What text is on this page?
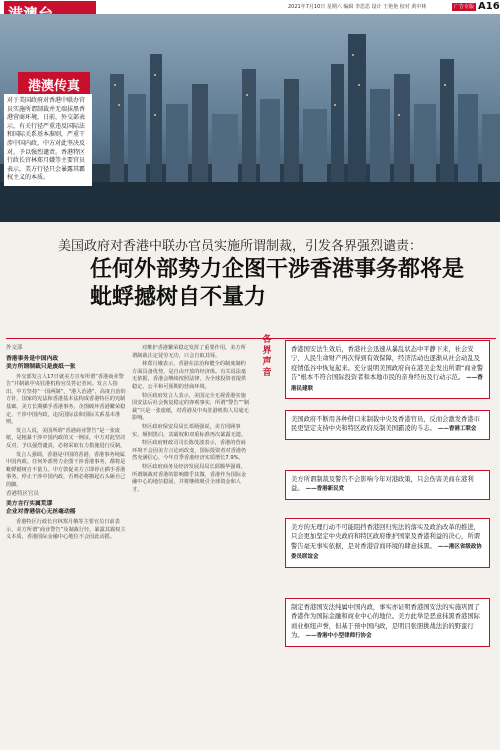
2021年7月10日 星期六 编辑 李思思 设计 王艳艳 校对 黄中林	广告专版 A16
港澳传真
对于美国政府对香港中联办官员实施所谓制裁并无端抹黑香港营商环境，日前，外交部表示，有关行径严重违反国际法和国际关系基本准则，严重干涉中国内政，中方对此坚决反对，予以强烈谴责。香港特区行政长官林郑月娥等主要官员表示，美方行径只会暴露其霸权主义的本质。
美国政府对香港中联办官员实施所谓制裁，引发各界强烈谴责：
任何外部势力企图干涉香港事务都将是蚍蜉撼树自不量力
外交部
香港事务是中国内政
美方所谓制裁只是废纸一张

外交部发言人17日就美方宣布所谓“香港商业警告”并制裁中央驻港机构官员答记者问。发言人指出，中方坚持“一国两制”，“港人治港”，高度自治的方针，国家的宪法和香港基本法构成香港特区的宪制基础。美方长期插手香港事务，企图破坏香港繁荣稳定，干涉中国内政，违反国际法和国际关系基本准则。

发言人说，美国所谓“香港商业警告”是一张废纸，是粗暴干涉中国内政的又一例证，中方对此坚决反对，予以强烈谴责，必将采取有力措施进行反制。

发言人强调，香港是中国的香港，香港事务纯属中国内政。任何外部势力企图干涉香港事务，都将是蚍蜉撼树自不量力。中方敦促美方立即停止插手香港事务，停止干涉中国内政，否则必将搬起石头砸自己的脚。

香港特区官员
美方言行实属荒谬
企业对香港信心无丝毫动摇

香港特区行政长官林郑月娥等主要官员日前表示，美方所谓“商业警告”及制裁行径，暴露其霸权主义本质，香港国际金融中心地位不会因此动摇。

对维护香港繁荣稳定发挥了重要作用，美方所谓制裁注定徒劳无功，只会自取其辱。

林郑月娥表示，香港在法治和健全的制度制约方面具备优势，是自由开放的经济体。有关说法毫无依据，香港会继续按照法律，为全球投资者提供稳定、公平和可预期的营商环境。

特区政府发言人表示，美国完全无视香港实施国安法后社会恢复稳定的客观事实，所谓“警告”“制裁”只是一张废纸，对香港及中央驻港机构人员毫无影响。

特区政府保安局局长邓炳强说，美方罔顾事实，颠倒黑白，其霸权和双重标准再次暴露无遗。

特区政府财政司司长陈茂波表示，香港的营商环境不会因美方言论而改变，国际投资者对香港仍然充满信心，今年首季香港经济实质增长7.9%。

特区政府商务及经济发展局局长邱腾华强调，所谓制裁对香港的影响微乎其微，香港作为国际金融中心的地位稳固，并将继续吸引全球资金和人才。

各界声音
香港国安法生效后，香港社会迅速从暴乱状态中平静下来，社会安宁、人民生命财产再次得到有效保障，经济活动也逐渐从社会动乱及疫情低谷中恢复起来。充分说明美国政府向在港美企发出所谓“商业警告”根本不符合国际投资者和本地市民的亲身经历及行动示范。 ——香港民建联
美国政府不断用各种借口来制裁中央及香港官员，反而会激发香港市民更坚定支持中央和特区政府反制美国霸凌的斗志。 ——香港工联会
美方所谓制裁及警告不会影响今年对港政策，只会伤害美商在港利益。 ——香港新民党
美方的无理行动不可能阻挡香港回归宪法的落实及政治改革的推进，只会更加坚定中央政府和特区政府维护国家及香港利益的决心，所谓警告毫无事实依据，是对香港营商环境的肆意抹黑。 ——港区省级政协委员联谊会
制定香港国安法纯属中国内政，事实亦证明香港国安法的实施巩固了香港作为国际金融和商业中心的地位。美方此举是恶意抹黑香港国际商业枢纽声誉，但基于预中国内政，是明目张胆挑战法治的野蛮行为。 ——香港中小型律师行协会
